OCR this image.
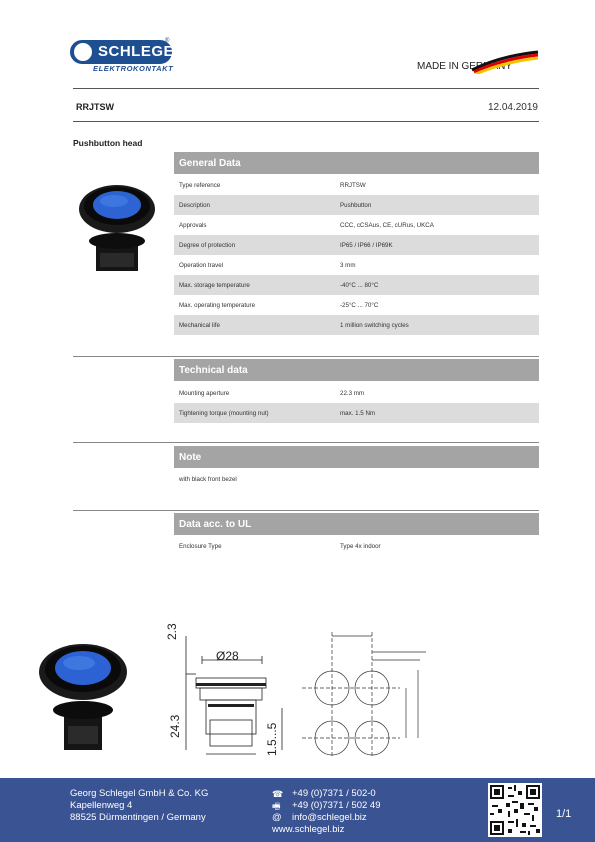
SCHLEGEL
®
ELEKTROKONTAKT	MADE IN GERMANY
RRJTSW	12.04.2019
Pushbutton head
General Data
Type reference	RRJTSW
Description	Pushbutton
Approvals	CCC, cCSAus, CE, cURus, UKCA
Degree of protection	IP65 / IP66 / IP69K
Operation travel	3 mm
Max. storage temperature	-40°C ... 80°C
Max. operating temperature	-25°C ... 70°C
Mechanical life	1 million switching cycles
Technical data
Mounting aperture	22.3 mm
Tightening torque (mounting nut)	max. 1.5 Nm
Note
with black front bezel
Data acc. to UL
Enclosure Type	Type 4x indoor
2.3
Ø28
24.3	1.5...5
Georg Schlegel GmbH & Co. KG
Kapellenweg 4
88525 Dürmentingen / Germany
☎ +49 (0)7371 / 502-0
🖷 +49 (0)7371 / 502 49
@ info@schlegel.biz
www.schlegel.biz
1/1
